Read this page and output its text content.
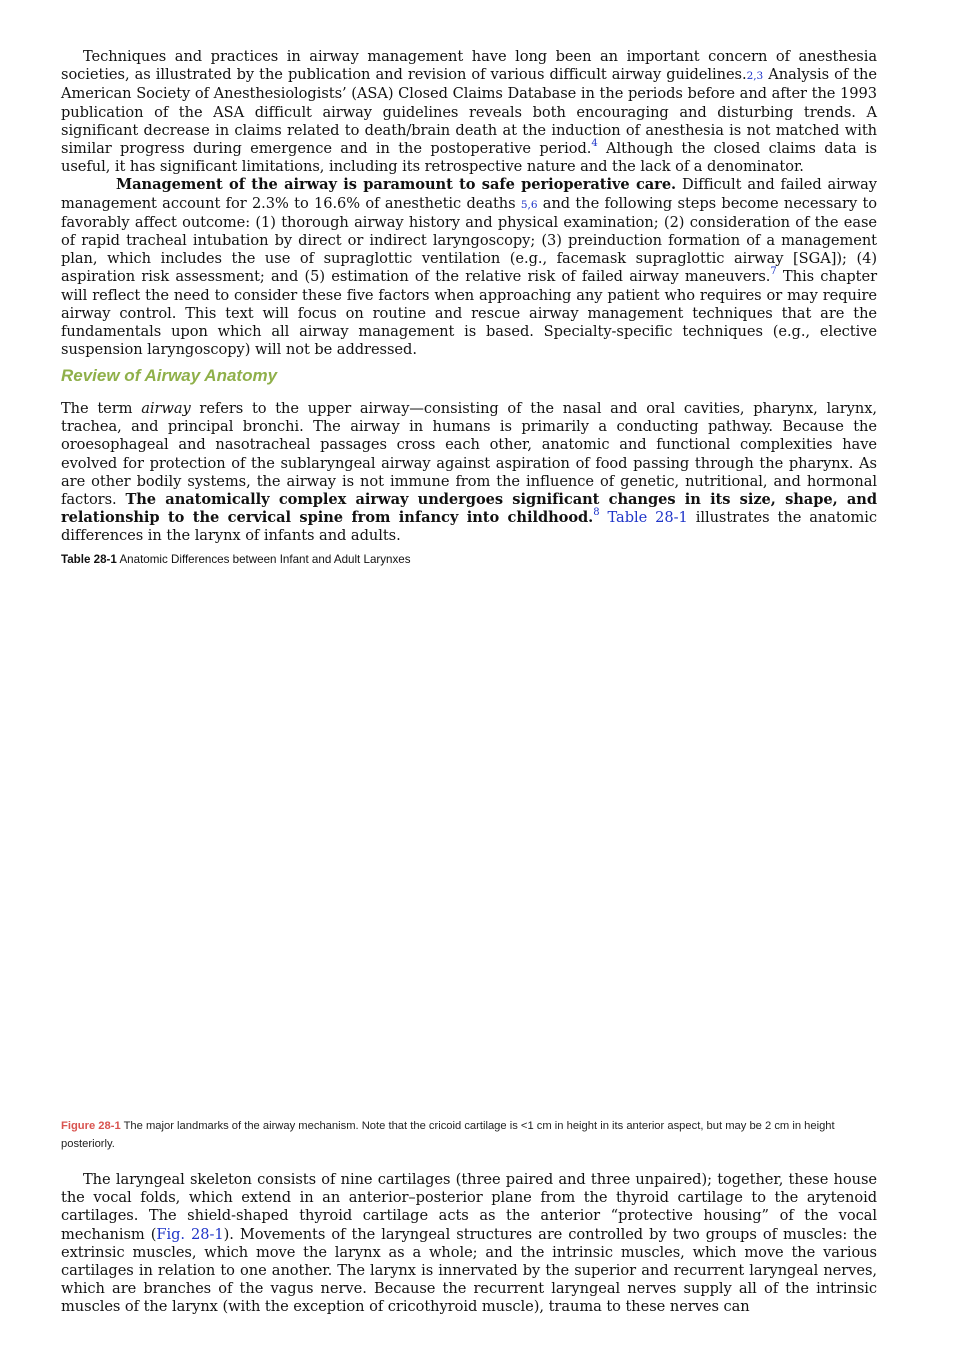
Techniques and practices in airway management have long been an important concern of anesthesia societies, as illustrated by the publication and revision of various difficult airway guidelines.2,3 Analysis of the American Society of Anesthesiologists’ (ASA) Closed Claims Database in the periods before and after the 1993 publication of the ASA difficult airway guidelines reveals both encouraging and disturbing trends. A significant decrease in claims related to death/brain death at the induction of anesthesia is not matched with similar progress during emergence and in the postoperative period.$^4$ Although the closed claims data is useful, it has significant limitations, including its retrospective nature and the lack of a denominator.

Management of the airway is paramount to safe perioperative care. Difficult and failed airway management account for 2.3% to 16.6% of anesthetic deaths 5,6 and the following steps become necessary to favorably affect outcome: (1) thorough airway history and physical examination; (2) consideration of the ease of rapid tracheal intubation by direct or indirect laryngoscopy; (3) preinduction formation of a management plan, which includes the use of supraglottic ventilation (e.g., facemask supraglottic airway [SGA]); (4) aspiration risk assessment; and (5) estimation of the relative risk of failed airway maneuvers.$^7$ This chapter will reflect the need to consider these five factors when approaching any patient who requires or may require airway control. This text will focus on routine and rescue airway management techniques that are the fundamentals upon which all airway management is based. Specialty-specific techniques (e.g., elective suspension laryngoscopy) will not be addressed.

Review of Airway Anatomy

The term airway refers to the upper airway—consisting of the nasal and oral cavities, pharynx, larynx, trachea, and principal bronchi. The airway in humans is primarily a conducting pathway. Because the oroesophageal and nasotracheal passages cross each other, anatomic and functional complexities have evolved for protection of the sublaryngeal airway against aspiration of food passing through the pharynx. As are other bodily systems, the airway is not immune from the influence of genetic, nutritional, and hormonal factors. The anatomically complex airway undergoes significant changes in its size, shape, and relationship to the cervical spine from infancy into childhood.$^8$ Table 28-1 illustrates the anatomic differences in the larynx of infants and adults.

Table 28-1 Anatomic Differences between Infant and Adult Larynxes

Figure 28-1 The major landmarks of the airway mechanism. Note that the cricoid cartilage is <1 cm in height in its anterior aspect, but may be 2 cm in height posteriorly.

The laryngeal skeleton consists of nine cartilages (three paired and three unpaired); together, these house the vocal folds, which extend in an anterior–posterior plane from the thyroid cartilage to the arytenoid cartilages. The shield-shaped thyroid cartilage acts as the anterior “protective housing” of the vocal mechanism (Fig. 28-1). Movements of the laryngeal structures are controlled by two groups of muscles: the extrinsic muscles, which move the larynx as a whole; and the intrinsic muscles, which move the various cartilages in relation to one another. The larynx is innervated by the superior and recurrent laryngeal nerves, which are branches of the vagus nerve. Because the recurrent laryngeal nerves supply all of the intrinsic muscles of the larynx (with the exception of cricothyroid muscle), trauma to these nerves can
